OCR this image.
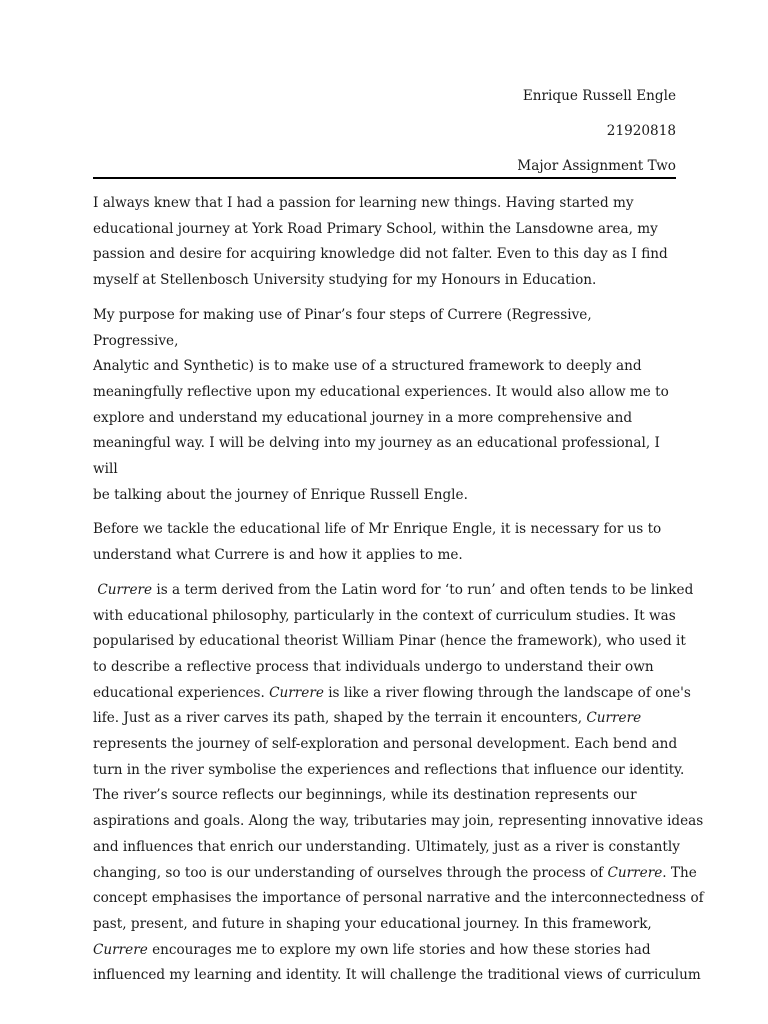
Enrique Russell Engle

21920818

Major Assignment Two

I always knew that I had a passion for learning new things. Having started my
educational journey at York Road Primary School, within the Lansdowne area, my
passion and desire for acquiring knowledge did not falter. Even to this day as I find
myself at Stellenbosch University studying for my Honours in Education.

My purpose for making use of Pinar’s four steps of Currere (Regressive, Progressive,
Analytic and Synthetic) is to make use of a structured framework to deeply and
meaningfully reflective upon my educational experiences. It would also allow me to
explore and understand my educational journey in a more comprehensive and
meaningful way. I will be delving into my journey as an educational professional, I will
be talking about the journey of Enrique Russell Engle.

Before we tackle the educational life of Mr Enrique Engle, it is necessary for us to
understand what Currere is and how it applies to me.

Currere is a term derived from the Latin word for ‘to run’ and often tends to be linked
with educational philosophy, particularly in the context of curriculum studies. It was
popularised by educational theorist William Pinar (hence the framework), who used it
to describe a reflective process that individuals undergo to understand their own
educational experiences. Currere is like a river flowing through the landscape of one's
life. Just as a river carves its path, shaped by the terrain it encounters, Currere
represents the journey of self-exploration and personal development. Each bend and
turn in the river symbolise the experiences and reflections that influence our identity.
The river’s source reflects our beginnings, while its destination represents our
aspirations and goals. Along the way, tributaries may join, representing innovative ideas
and influences that enrich our understanding. Ultimately, just as a river is constantly
changing, so too is our understanding of ourselves through the process of Currere. The
concept emphasises the importance of personal narrative and the interconnectedness of
past, present, and future in shaping your educational journey. In this framework,
Currere encourages me to explore my own life stories and how these stories had
influenced my learning and identity. It will challenge the traditional views of curriculum
